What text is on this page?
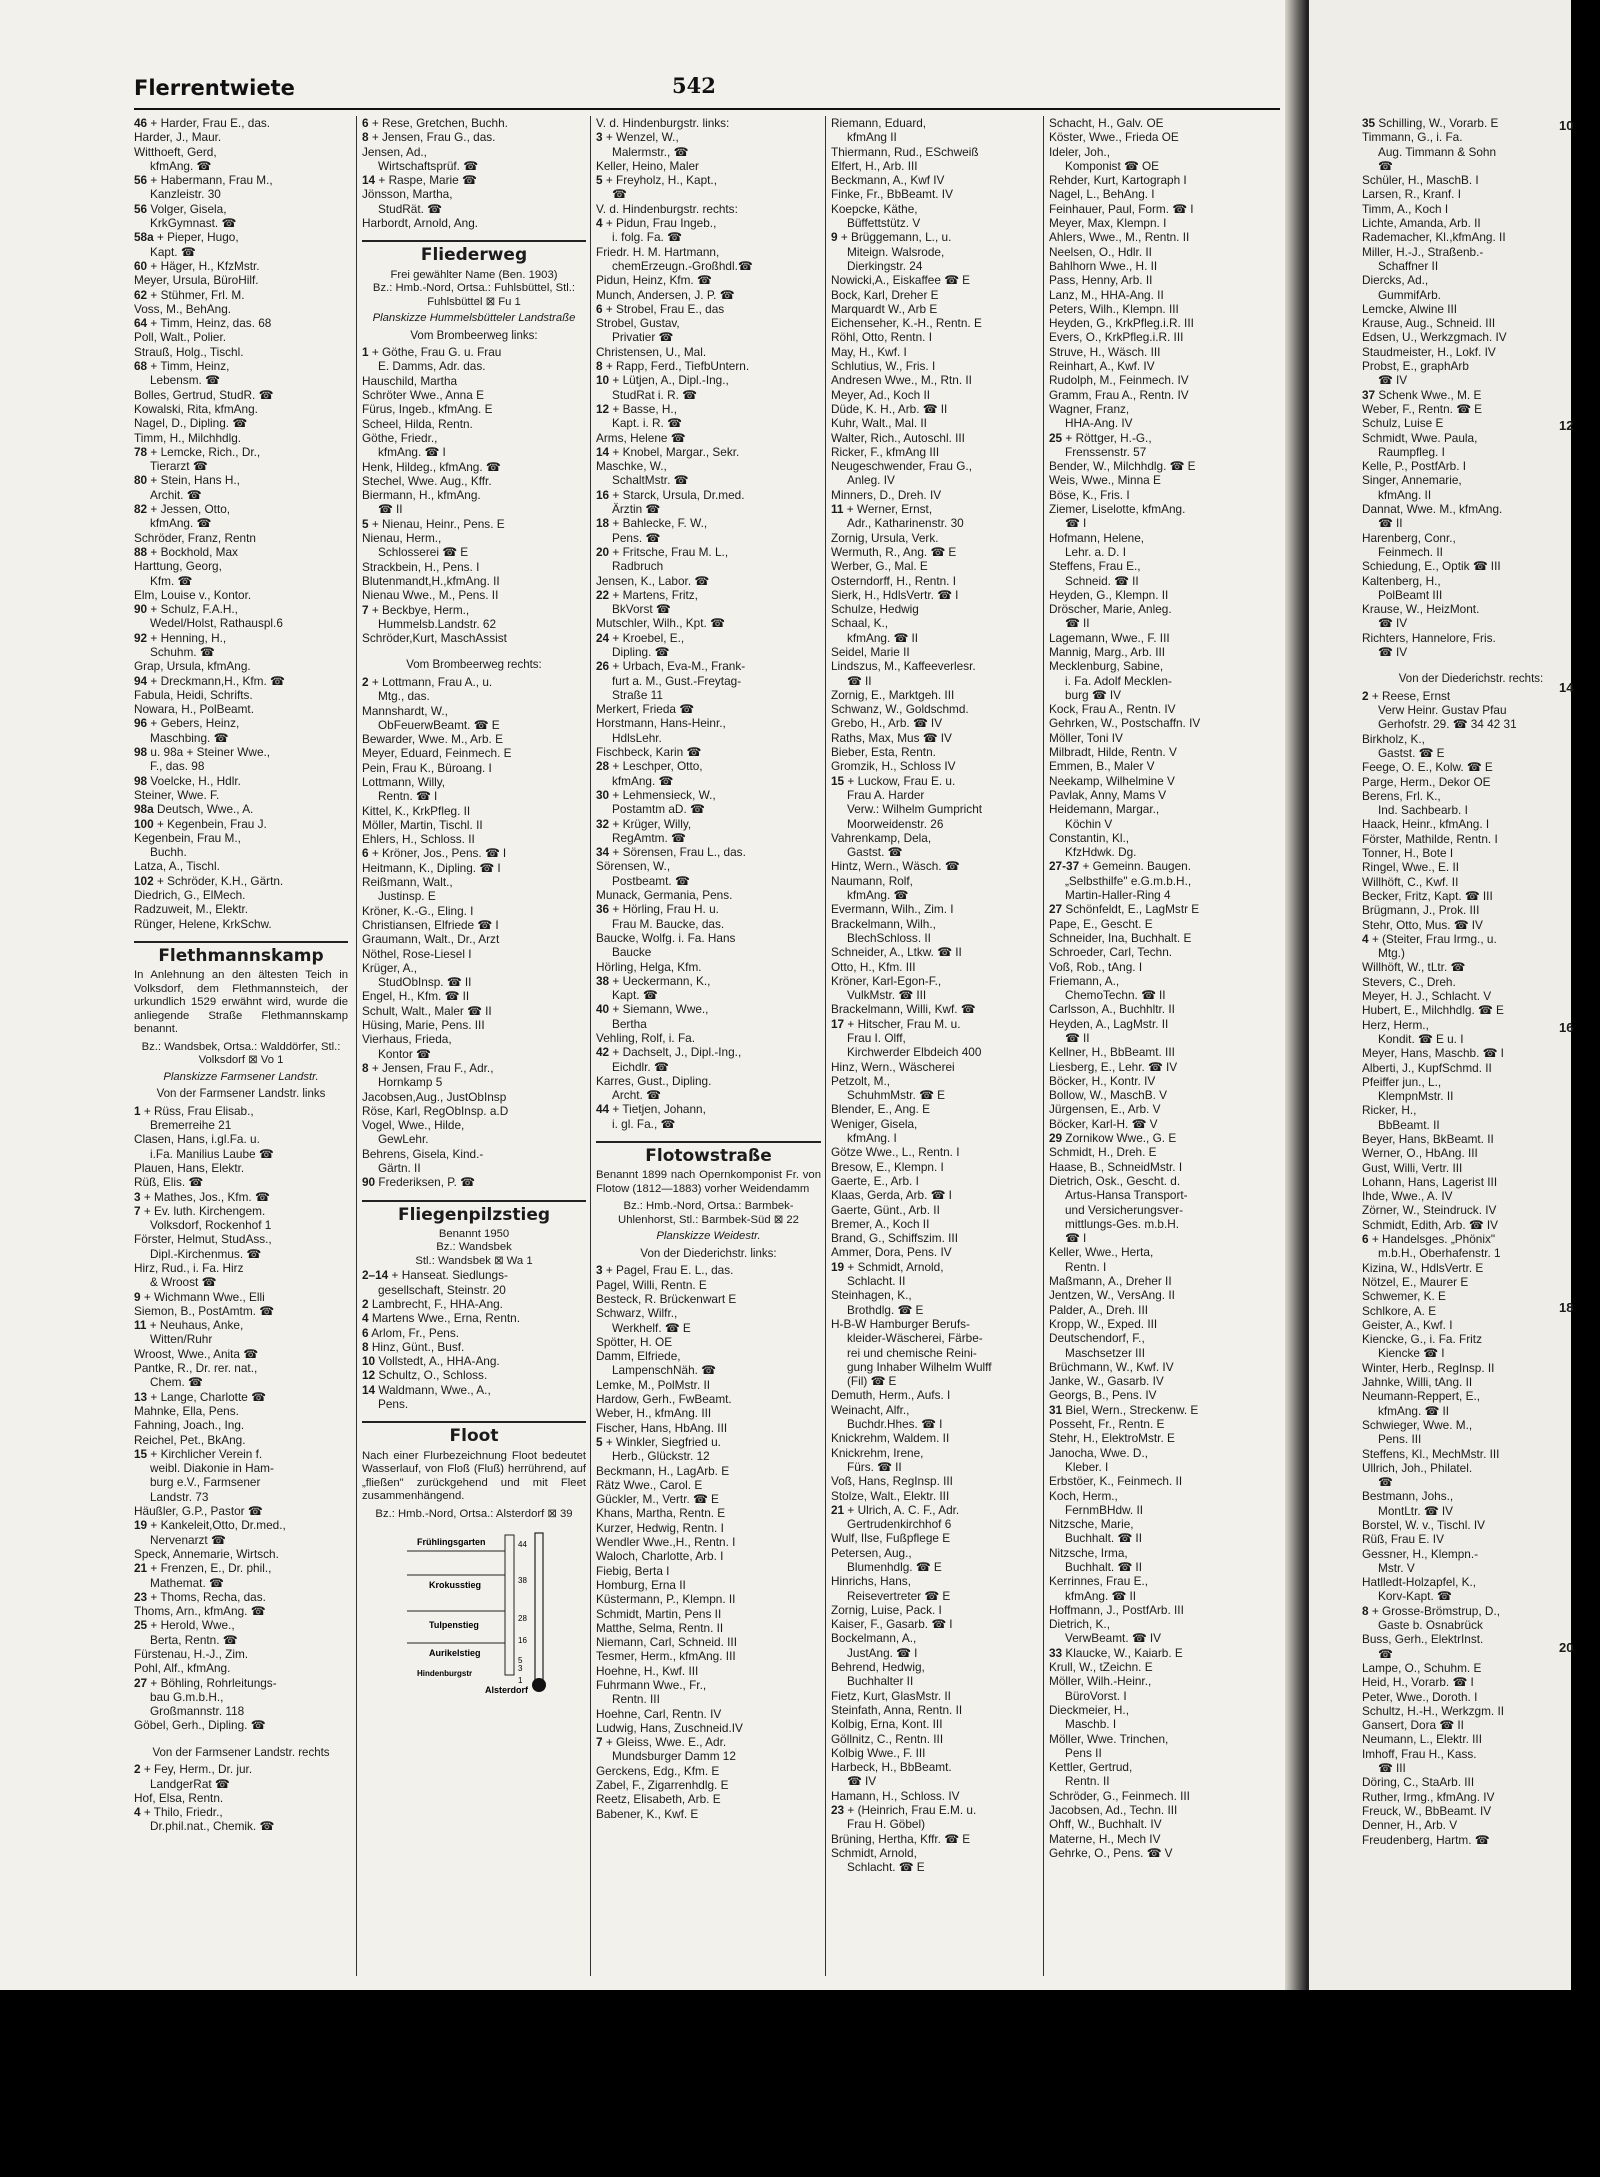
Flerrentwiete	542
46 + Harder, Frau E., das.
Harder, J., Maur.
Witthoeft, Gerd,
kfmAng. ☎
56 + Habermann, Frau M.,
Kanzleistr. 30
56 Volger, Gisela,
KrkGymnast. ☎
58a + Pieper, Hugo,
Kapt. ☎
60 + Häger, H., KfzMstr.
Meyer, Ursula, BüroHilf.
62 + Stühmer, Frl. M.
Voss, M., BehAng.
64 + Timm, Heinz, das. 68
Poll, Walt., Polier.
Strauß, Holg., Tischl.
68 + Timm, Heinz,
Lebensm. ☎
Bolles, Gertrud, StudR. ☎
Kowalski, Rita, kfmAng.
Nagel, D., Dipling. ☎
Timm, H., Milchhdlg.
78 + Lemcke, Rich., Dr.,
Tierarzt ☎
80 + Stein, Hans H.,
Archit. ☎
82 + Jessen, Otto,
kfmAng. ☎
Schröder, Franz, Rentn
88 + Bockhold, Max
Harttung, Georg,
Kfm. ☎
Elm, Louise v., Kontor.
90 + Schulz, F.A.H.,
Wedel/Holst, Rathauspl.6
92 + Henning, H.,
Schuhm. ☎
Grap, Ursula, kfmAng.
94 + Dreckmann,H., Kfm. ☎
Fabula, Heidi, Schrifts.
Nowara, H., PolBeamt.
96 + Gebers, Heinz,
Maschbing. ☎
98 u. 98a + Steiner Wwe.,
F., das. 98
98 Voelcke, H., Hdlr.
Steiner, Wwe. F.
98a Deutsch, Wwe., A.
100 + Kegenbein, Frau J.
Kegenbein, Frau M.,
Buchh.
Latza, A., Tischl.
102 + Schröder, K.H., Gärtn.
Diedrich, G., ElMech.
Radzuweit, M., Elektr.
Rünger, Helene, KrkSchw.
Flethmannskamp
In Anlehnung an den ältesten Teich in Volksdorf, dem Flethmannsteich, der urkundlich 1529 erwähnt wird, wurde die anliegende Straße Flethmannskamp benannt.
Bz.: Wandsbek, Ortsa.: Walddörfer, Stl.: Volksdorf ⊠ Vo 1
Planskizze Farmsener Landstr.
Von der Farmsener Landstr. links
1 + Rüss, Frau Elisab.,
Bremerreihe 21
Clasen, Hans, i.gl.Fa. u.
i.Fa. Manilius Laube ☎
Plauen, Hans, Elektr.
Rüß, Elis. ☎
3 + Mathes, Jos., Kfm. ☎
7 + Ev. luth. Kirchengem.
Volksdorf, Rockenhof 1
Förster, Helmut, StudAss.,
Dipl.-Kirchenmus. ☎
Hirz, Rud., i. Fa. Hirz
& Wroost ☎
9 + Wichmann Wwe., Elli
Siemon, B., PostAmtm. ☎
11 + Neuhaus, Anke,
Witten/Ruhr
Wroost, Wwe., Anita ☎
Pantke, R., Dr. rer. nat.,
Chem. ☎
13 + Lange, Charlotte ☎
Mahnke, Ella, Pens.
Fahning, Joach., Ing.
Reichel, Pet., BkAng.
15 + Kirchlicher Verein f.
weibl. Diakonie in Ham-
burg e.V., Farmsener
Landstr. 73
Häußler, G.P., Pastor ☎
19 + Kankeleit,Otto, Dr.med.,
Nervenarzt ☎
Speck, Annemarie, Wirtsch.
21 + Frenzen, E., Dr. phil.,
Mathemat. ☎
23 + Thoms, Recha, das.
Thoms, Arn., kfmAng. ☎
25 + Herold, Wwe.,
Berta, Rentn. ☎
Fürstenau, H.-J., Zim.
Pohl, Alf., kfmAng.
27 + Böhling, Rohrleitungs-
bau G.m.b.H.,
Großmannstr. 118
Göbel, Gerh., Dipling. ☎
Von der Farmsener Landstr. rechts
2 + Fey, Herm., Dr. jur.
LandgerRat ☎
Hof, Elsa, Rentn.
4 + Thilo, Friedr.,
Dr.phil.nat., Chemik. ☎
6 + Rese, Gretchen, Buchh.
8 + Jensen, Frau G., das.
Jensen, Ad.,
Wirtschaftsprüf. ☎
14 + Raspe, Marie ☎
Jönsson, Martha,
StudRät. ☎
Harbordt, Arnold, Ang.
Fliederweg
Frei gewählter Name (Ben. 1903)
Bz.: Hmb.-Nord, Ortsa.: Fuhlsbüttel, Stl.: Fuhlsbüttel ⊠ Fu 1
Planskizze Hummelsbütteler Landstraße
Vom Brombeerweg links:
1 + Göthe, Frau G. u. Frau
E. Damms, Adr. das.
Hauschild, Martha
Schröter Wwe., Anna E
Fürus, Ingeb., kfmAng. E
Scheel, Hilda, Rentn.
Göthe, Friedr.,
kfmAng. ☎ I
Henk, Hildeg., kfmAng. ☎
Stechel, Wwe. Aug., Kffr.
Biermann, H., kfmAng.
☎ II
5 + Nienau, Heinr., Pens. E
Nienau, Herm.,
Schlosserei ☎ E
Strackbein, H., Pens. I
Blutenmandt,H.,kfmAng. II
Nienau Wwe., M., Pens. II
7 + Beckbye, Herm.,
Hummelsb.Landstr. 62
Schröder,Kurt, MaschAssist
Vom Brombeerweg rechts:
2 + Lottmann, Frau A., u.
Mtg., das.
Mannshardt, W.,
ObFeuerwBeamt. ☎ E
Bewarder, Wwe. M., Arb. E
Meyer, Eduard, Feinmech. E
Pein, Frau K., Büroang. I
Lottmann, Willy,
Rentn. ☎ I
Kittel, K., KrkPfleg. II
Möller, Martin, Tischl. II
Ehlers, H., Schloss. II
6 + Kröner, Jos., Pens. ☎ I
Heitmann, K., Dipling. ☎ I
Reißmann, Walt.,
Justinsp. E
Kröner, K.-G., Eling. I
Christiansen, Elfriede ☎ I
Graumann, Walt., Dr., Arzt
Nöthel, Rose-Liesel I
Krüger, A.,
StudObInsp. ☎ II
Engel, H., Kfm. ☎ II
Schult, Walt., Maler ☎ II
Hüsing, Marie, Pens. III
Vierhaus, Frieda,
Kontor ☎
8 + Jensen, Frau F., Adr.,
Hornkamp 5
Jacobsen,Aug., JustObInsp
Röse, Karl, RegObInsp. a.D
Vogel, Wwe., Hilde,
GewLehr.
Behrens, Gisela, Kind.-
Gärtn. II
90 Frederiksen, P. ☎
Fliegenpilzstieg
Benannt 1950
Bz.: Wandsbek
Stl.: Wandsbek ⊠ Wa 1
2–14 + Hanseat. Siedlungs-
gesellschaft, Steinstr. 20
2 Lambrecht, F., HHA-Ang.
4 Martens Wwe., Erna, Rentn.
6 Arlom, Fr., Pens.
8 Hinz, Günt., Busf.
10 Vollstedt, A., HHA-Ang.
12 Schultz, O., Schloss.
14 Waldmann, Wwe., A.,
Pens.
Floot
Nach einer Flurbezeichnung Floot bedeutet Wasserlauf, von Floß (Fluß) herrührend, auf „fließen" zurückgehend und mit Fleet zusammenhängend.
Bz.: Hmb.-Nord, Ortsa.: Alsterdorf ⊠ 39
Frühlingsgarten
Krokusstieg
Tulpenstieg
Aurikelstieg
Hindenburgstr
Alsterdorf
44
38
28
16
5
3
1
V. d. Hindenburgstr. links:
3 + Wenzel, W.,
Malermstr., ☎
Keller, Heino, Maler
5 + Freyholz, H., Kapt.,
☎
V. d. Hindenburgstr. rechts:
4 + Pidun, Frau Ingeb.,
i. folg. Fa. ☎
Friedr. H. M. Hartmann,
chemErzeugn.-Großhdl.☎
Pidun, Heinz, Kfm. ☎
Munch, Andersen, J. P. ☎
6 + Strobel, Frau E., das
Strobel, Gustav,
Privatier ☎
Christensen, U., Mal.
8 + Rapp, Ferd., TiefbUntern.
10 + Lütjen, A., Dipl.-Ing.,
StudRat i. R. ☎
12 + Basse, H.,
Kapt. i. R. ☎
Arms, Helene ☎
14 + Knobel, Margar., Sekr.
Maschke, W.,
SchaltMstr. ☎
16 + Starck, Ursula, Dr.med.
Ärztin ☎
18 + Bahlecke, F. W.,
Pens. ☎
20 + Fritsche, Frau M. L.,
Radbruch
Jensen, K., Labor. ☎
22 + Martens, Fritz,
BkVorst ☎
Mutschler, Wilh., Kpt. ☎
24 + Kroebel, E.,
Dipling. ☎
26 + Urbach, Eva-M., Frank-
furt a. M., Gust.-Freytag-
Straße 11
Merkert, Frieda ☎
Horstmann, Hans-Heinr.,
HdlsLehr.
Fischbeck, Karin ☎
28 + Leschper, Otto,
kfmAng. ☎
30 + Lehmensieck, W.,
Postamtm aD. ☎
32 + Krüger, Willy,
RegAmtm. ☎
34 + Sörensen, Frau L., das.
Sörensen, W.,
Postbeamt. ☎
Munack, Germania, Pens.
36 + Hörling, Frau H. u.
Frau M. Baucke, das.
Baucke, Wolfg. i. Fa. Hans
Baucke
Hörling, Helga, Kfm.
38 + Ueckermann, K.,
Kapt. ☎
40 + Siemann, Wwe.,
Bertha
Vehling, Rolf, i. Fa.
42 + Dachselt, J., Dipl.-Ing.,
Eichdlr. ☎
Karres, Gust., Dipling.
Archt. ☎
44 + Tietjen, Johann,
i. gl. Fa., ☎
Flotowstraße
Benannt 1899 nach Opernkomponist Fr. von Flotow (1812—1883) vorher Weidendamm
Bz.: Hmb.-Nord, Ortsa.: Barmbek-Uhlenhorst, Stl.: Barmbek-Süd ⊠ 22
Planskizze Weidestr.
Von der Diederichstr. links:
3 + Pagel, Frau E. L., das.
Pagel, Willi, Rentn. E
Besteck, R. Brückenwart E
Schwarz, Wilfr.,
Werkhelf. ☎ E
Spötter, H. OE
Damm, Elfriede,
LampenschNäh. ☎
Lemke, M., PolMstr. II
Hardow, Gerh., FwBeamt.
Weber, H., kfmAng. III
Fischer, Hans, HbAng. III
5 + Winkler, Siegfried u.
Herb., Glückstr. 12
Beckmann, H., LagArb. E
Rätz Wwe., Carol. E
Gückler, M., Vertr. ☎ E
Khans, Martha, Rentn. E
Kurzer, Hedwig, Rentn. I
Wendler Wwe.,H., Rentn. I
Waloch, Charlotte, Arb. I
Fiebig, Berta I
Homburg, Erna II
Küstermann, P., Klempn. II
Schmidt, Martin, Pens II
Matthe, Selma, Rentn. II
Niemann, Carl, Schneid. III
Tesmer, Herm., kfmAng. III
Hoehne, H., Kwf. III
Fuhrmann Wwe., Fr.,
Rentn. III
Hoehne, Carl, Rentn. IV
Ludwig, Hans, Zuschneid.IV
7 + Gleiss, Wwe. E., Adr.
Mundsburger Damm 12
Gerckens, Edg., Kfm. E
Zabel, F., Zigarrenhdlg. E
Reetz, Elisabeth, Arb. E
Babener, K., Kwf. E
Riemann, Eduard,
kfmAng II
Thiermann, Rud., ESchweiß
Elfert, H., Arb. III
Beckmann, A., Kwf IV
Finke, Fr., BbBeamt. IV
Koepcke, Käthe,
Büffettstütz. V
9 + Brüggemann, L., u.
Miteign. Walsrode,
Dierkingstr. 24
Nowicki,A., Eiskaffee ☎ E
Bock, Karl, Dreher E
Marquardt W., Arb E
Eichenseher, K.-H., Rentn. E
Röhl, Otto, Rentn. I
May, H., Kwf. I
Schlutius, W., Fris. I
Andresen Wwe., M., Rtn. II
Meyer, Ad., Koch II
Düde, K. H., Arb. ☎ II
Kuhr, Walt., Mal. II
Walter, Rich., Autoschl. III
Ricker, F., kfmAng III
Neugeschwender, Frau G.,
Anleg. IV
Minners, D., Dreh. IV
11 + Werner, Ernst,
Adr., Katharinenstr. 30
Zornig, Ursula, Verk.
Wermuth, R., Ang. ☎ E
Werber, G., Mal. E
Osterndorff, H., Rentn. I
Sierk, H., HdlsVertr. ☎ I
Schulze, Hedwig
Schaal, K.,
kfmAng. ☎ II
Seidel, Marie II
Lindszus, M., Kaffeeverlesr.
☎ II
Zornig, E., Marktgeh. III
Schwanz, W., Goldschmd.
Grebo, H., Arb. ☎ IV
Raths, Max, Mus ☎ IV
Bieber, Esta, Rentn.
Gromzik, H., Schloss IV
15 + Luckow, Frau E. u.
Frau A. Harder
Verw.: Wilhelm Gumpricht
Moorweidenstr. 26
Vahrenkamp, Dela,
Gastst. ☎
Hintz, Wern., Wäsch. ☎
Naumann, Rolf,
kfmAng. ☎
Evermann, Wilh., Zim. I
Brackelmann, Wilh.,
BlechSchloss. II
Schneider, A., Ltkw. ☎ II
Otto, H., Kfm. III
Kröner, Karl-Egon-F.,
VulkMstr. ☎ III
Brackelmann, Willi, Kwf. ☎
17 + Hitscher, Frau M. u.
Frau I. Olff,
Kirchwerder Elbdeich 400
Hinz, Wern., Wäscherei
Petzolt, M.,
SchuhmMstr. ☎ E
Blender, E., Ang. E
Weniger, Gisela,
kfmAng. I
Götze Wwe., L., Rentn. I
Bresow, E., Klempn. I
Gaerte, E., Arb. I
Klaas, Gerda, Arb. ☎ I
Gaerte, Günt., Arb. II
Bremer, A., Koch II
Brand, G., Schiffszim. III
Ammer, Dora, Pens. IV
19 + Schmidt, Arnold,
Schlacht. II
Steinhagen, K.,
Brothdlg. ☎ E
H-B-W Hamburger Berufs-
kleider-Wäscherei, Färbe-
rei und chemische Reini-
gung Inhaber Wilhelm Wulff
(Fil) ☎ E
Demuth, Herm., Aufs. I
Weinacht, Alfr.,
Buchdr.Hhes. ☎ I
Knickrehm, Waldem. II
Knickrehm, Irene,
Fürs. ☎ II
Voß, Hans, RegInsp. III
Stolze, Walt., Elektr. III
21 + Ulrich, A. C. F., Adr.
Gertrudenkirchhof 6
Wulf, Ilse, Fußpflege E
Petersen, Aug.,
Blumenhdlg. ☎ E
Hinrichs, Hans,
Reisevertreter ☎ E
Zornig, Luise, Pack. I
Kaiser, F., Gasarb. ☎ I
Bockelmann, A.,
JustAng. ☎ I
Behrend, Hedwig,
Buchhalter II
Fietz, Kurt, GlasMstr. II
Steinfath, Anna, Rentn. II
Kolbig, Erna, Kont. III
Göllnitz, C., Rentn. III
Kolbig Wwe., F. III
Harbeck, H., BbBeamt.
☎ IV
Hamann, H., Schloss. IV
23 + (Heinrich, Frau E.M. u.
Frau H. Göbel)
Brüning, Hertha, Kffr. ☎ E
Schmidt, Arnold,
Schlacht. ☎ E
Schacht, H., Galv. OE
Köster, Wwe., Frieda OE
Ideler, Joh.,
Komponist ☎ OE
Rehder, Kurt, Kartograph I
Nagel, L., BehAng. I
Feinhauer, Paul, Form. ☎ I
Meyer, Max, Klempn. I
Ahlers, Wwe., M., Rentn. II
Neelsen, O., Hdlr. II
Bahlhorn Wwe., H. II
Pass, Henny, Arb. II
Lanz, M., HHA-Ang. II
Peters, Wilh., Klempn. III
Heyden, G., KrkPfleg.i.R. III
Evers, O., KrkPfleg.i.R. III
Struve, H., Wäsch. III
Reinhart, A., Kwf. IV
Rudolph, M., Feinmech. IV
Gramm, Frau A., Rentn. IV
Wagner, Franz,
HHA-Ang. IV
25 + Röttger, H.-G.,
Frenssenstr. 57
Bender, W., Milchhdlg. ☎ E
Weis, Wwe., Minna E
Böse, K., Fris. I
Ziemer, Liselotte, kfmAng.
☎ I
Hofmann, Helene,
Lehr. a. D. I
Steffens, Frau E.,
Schneid. ☎ II
Heyden, G., Klempn. II
Dröscher, Marie, Anleg.
☎ II
Lagemann, Wwe., F. III
Mannig, Marg., Arb. III
Mecklenburg, Sabine,
i. Fa. Adolf Mecklen-
burg ☎ IV
Kock, Frau A., Rentn. IV
Gehrken, W., Postschaffn. IV
Möller, Toni IV
Milbradt, Hilde, Rentn. V
Emmen, B., Maler V
Neekamp, Wilhelmine V
Pavlak, Anny, Mams V
Heidemann, Margar.,
Köchin V
Constantin, Kl.,
KfzHdwk. Dg.
27-37 + Gemeinn. Baugen.
„Selbsthilfe" e.G.m.b.H.,
Martin-Haller-Ring 4
27 Schönfeldt, E., LagMstr E
Pape, E., Gescht. E
Schneider, Ina, Buchhalt. E
Schroeder, Carl, Techn.
Voß, Rob., tAng. I
Friemann, A.,
ChemoTechn. ☎ II
Carlsson, A., Buchhltr. II
Heyden, A., LagMstr. II
☎ II
Kellner, H., BbBeamt. III
Liesberg, E., Lehr. ☎ IV
Böcker, H., Kontr. IV
Bollow, W., MaschB. V
Jürgensen, E., Arb. V
Böcker, Karl-H. ☎ V
29 Zornikow Wwe., G. E
Schmidt, H., Dreh. E
Haase, B., SchneidMstr. I
Dietrich, Osk., Gescht. d.
Artus-Hansa Transport-
und Versicherungsver-
mittlungs-Ges. m.b.H.
☎ I
Keller, Wwe., Herta,
Rentn. I
Maßmann, A., Dreher II
Jentzen, W., VersAng. II
Palder, A., Dreh. III
Kropp, W., Exped. III
Deutschendorf, F.,
Maschsetzer III
Brüchmann, W., Kwf. IV
Janke, W., Gasarb. IV
Georgs, B., Pens. IV
31 Biel, Wern., Streckenw. E
Posseht, Fr., Rentn. E
Stehr, H., ElektroMstr. E
Janocha, Wwe. D.,
Kleber. I
Erbstöer, K., Feinmech. II
Koch, Herm.,
FernmBHdw. II
Nitzsche, Marie,
Buchhalt. ☎ II
Nitzsche, Irma,
Buchhalt. ☎ II
Kerrinnes, Frau E.,
kfmAng. ☎ II
Hoffmann, J., PostfArb. III
Dietrich, K.,
VerwBeamt. ☎ IV
33 Klaucke, W., Kaiarb. E
Krull, W., tZeichn. E
Möller, Wilh.-Heinr.,
BüroVorst. I
Dieckmeier, H.,
Maschb. I
Möller, Wwe. Trinchen,
Pens II
Kettler, Gertrud,
Rentn. II
Schröder, G., Feinmech. III
Jacobsen, Ad., Techn. III
Ohff, W., Buchhalt. IV
Materne, H., Mech IV
Gehrke, O., Pens. ☎ V
10
12
14
16
18
20
35 Schilling, W., Vorarb. E
Timmann, G., i. Fa.
Aug. Timmann & Sohn
☎
Schüler, H., MaschB. I
Larsen, R., Kranf. I
Timm, A., Koch I
Lichte, Amanda, Arb. II
Rademacher, Kl.,kfmAng. II
Miller, H.-J., Straßenb.-
Schaffner II
Diercks, Ad.,
GummifArb.
Lemcke, Alwine III
Krause, Aug., Schneid. III
Edsen, U., Werkzgmach. IV
Staudmeister, H., Lokf. IV
Probst, E., graphArb
☎ IV
37 Schenk Wwe., M. E
Weber, F., Rentn. ☎ E
Schulz, Luise E
Schmidt, Wwe. Paula,
Raumpfleg. I
Kelle, P., PostfArb. I
Singer, Annemarie,
kfmAng. II
Dannat, Wwe. M., kfmAng.
☎ II
Harenberg, Conr.,
Feinmech. II
Schiedung, E., Optik ☎ III
Kaltenberg, H.,
PolBeamt III
Krause, W., HeizMont.
☎ IV
Richters, Hannelore, Fris.
☎ IV
Von der Diederichstr. rechts:
2 + Reese, Ernst
Verw Heinr. Gustav Pfau
Gerhofstr. 29. ☎ 34 42 31
Birkholz, K.,
Gastst. ☎ E
Feege, O. E., Kolw. ☎ E
Parge, Herm., Dekor OE
Berens, Frl. K.,
Ind. Sachbearb. I
Haack, Heinr., kfmAng. I
Förster, Mathilde, Rentn. I
Tonner, H., Bote I
Ringel, Wwe., E. II
Willhöft, C., Kwf. II
Becker, Fritz, Kapt. ☎ III
Brügmann, J., Prok. III
Stehr, Otto, Mus. ☎ IV
4 + (Steiter, Frau Irmg., u.
Mtg.)
Willhöft, W., tLtr. ☎
Stevers, C., Dreh.
Meyer, H. J., Schlacht. V
Hubert, E., Milchhdlg. ☎ E
Herz, Herm.,
Kondit. ☎ E u. I
Meyer, Hans, Maschb. ☎ I
Alberti, J., KupfSchmd. II
Pfeiffer jun., L.,
KlempnMstr. II
Ricker, H.,
BbBeamt. II
Beyer, Hans, BkBeamt. II
Werner, O., HbAng. III
Gust, Willi, Vertr. III
Lohann, Hans, Lagerist III
Ihde, Wwe., A. IV
Zörner, W., Steindruck. IV
Schmidt, Edith, Arb. ☎ IV
6 + Handelsges. „Phönix"
m.b.H., Oberhafenstr. 1
Kizina, W., HdlsVertr. E
Nötzel, E., Maurer E
Schwemer, K. E
Schlkore, A. E
Geister, A., Kwf. I
Kiencke, G., i. Fa. Fritz
Kiencke ☎ I
Winter, Herb., RegInsp. II
Jahnke, Willi, tAng. II
Neumann-Reppert, E.,
kfmAng. ☎ II
Schwieger, Wwe. M.,
Pens. III
Steffens, Kl., MechMstr. III
Ullrich, Joh., Philatel.
☎
Bestmann, Johs.,
MontLtr. ☎ IV
Borstel, W. v., Tischl. IV
Rüß, Frau E. IV
Gessner, H., Klempn.-
Mstr. V
Hatlledt-Holzapfel, K.,
Korv-Kapt. ☎
8 + Grosse-Brömstrup, D.,
Gaste b. Osnabrück
Buss, Gerh., ElektrInst.
☎
Lampe, O., Schuhm. E
Heid, H., Vorarb. ☎ I
Peter, Wwe., Doroth. I
Schultz, H.-H., Werkzgm. II
Gansert, Dora ☎ II
Neumann, L., Elektr. III
Imhoff, Frau H., Kass.
☎ III
Döring, C., StaArb. III
Ruther, Irmg., kfmAng. IV
Freuck, W., BbBeamt. IV
Denner, H., Arb. V
Freudenberg, Hartm. ☎
